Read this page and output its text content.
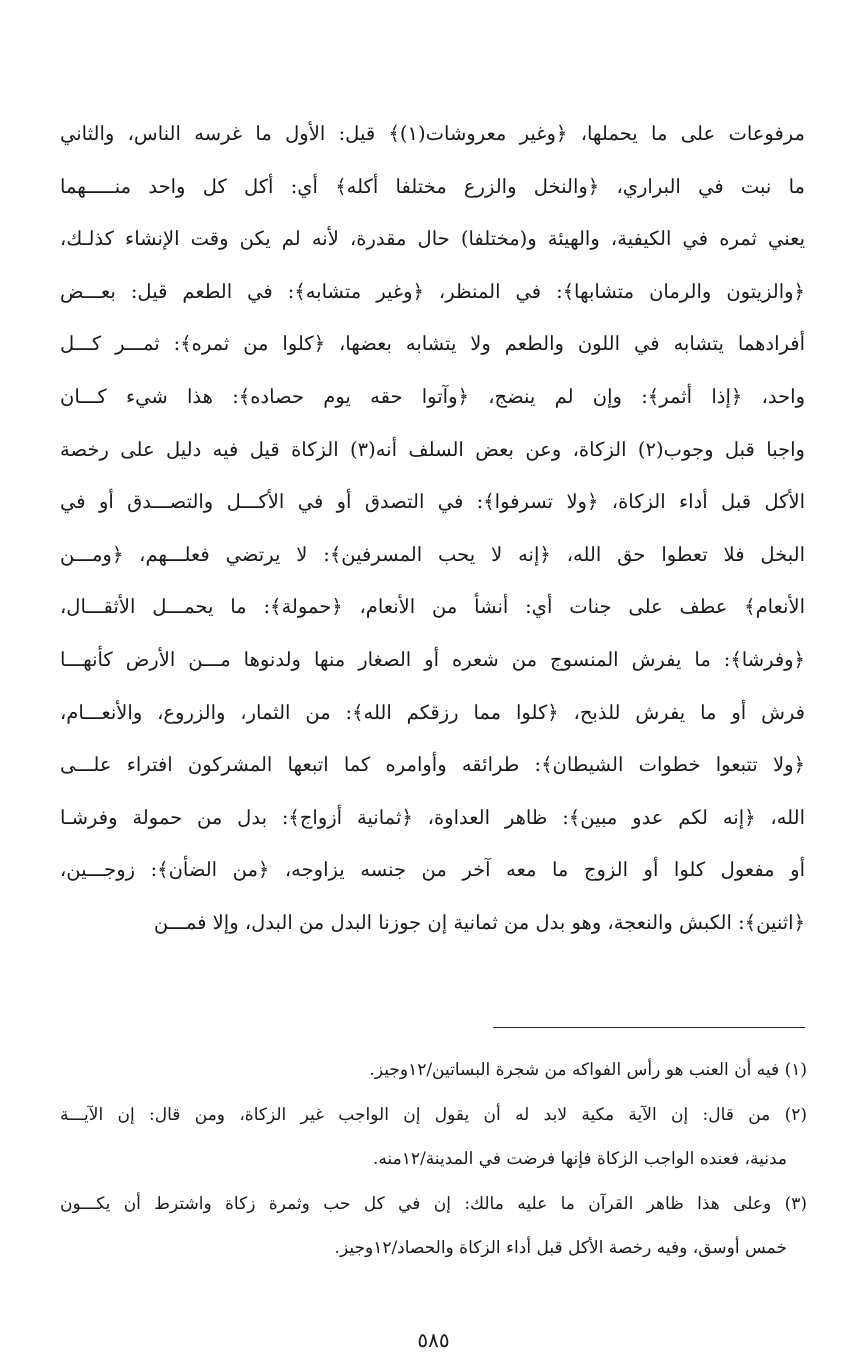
مرفوعات على ما يحملها، ﴿وغير معروشات(١)﴾ قيل: الأول ما غرسه الناس، والثاني
ما نبت في البراري، ﴿والنخل والزرع مختلفا أكله﴾ أي: أكل كل واحد منـــــهما
يعني ثمره في الكيفية، والهيئة و(مختلفا) حال مقدرة، لأنه لم يكن وقت الإنشاء كذلـك،
﴿والزيتون والرمان متشابها﴾: في المنظر، ﴿وغير متشابه﴾: في الطعم قيل: بعـــض
أفرادهما يتشابه في اللون والطعم ولا يتشابه بعضها، ﴿كلوا من ثمره﴾: ثمـــر كـــل
واحد، ﴿إذا أثمر﴾: وإن لم ينضج، ﴿وآتوا حقه يوم حصاده﴾: هذا شيء كـــان
واجبا قبل وجوب(٢) الزكاة، وعن بعض السلف أنه(٣) الزكاة قيل فيه دليل على رخصة
الأكل قبل أداء الزكاة، ﴿ولا تسرفوا﴾: في التصدق أو في الأكـــل والتصـــدق أو في
البخل فلا تعطوا حق الله، ﴿إنه لا يحب المسرفين﴾: لا يرتضي فعلـــهم، ﴿ومـــن
الأنعام﴾ عطف على جنات أي: أنشأ من الأنعام، ﴿حمولة﴾: ما يحمـــل الأثقـــال،
﴿وفرشا﴾: ما يفرش المنسوج من شعره أو الصغار منها ولدنوها مـــن الأرض كأنهـــا
فرش أو ما يفرش للذبح، ﴿كلوا مما رزقكم الله﴾: من الثمار، والزروع، والأنعـــام،
﴿ولا تتبعوا خطوات الشيطان﴾: طرائقه وأوامره كما اتبعها المشركون افتراء علـــى
الله، ﴿إنه لكم عدو مبين﴾: ظاهر العداوة، ﴿ثمانية أزواج﴾: بدل من حمولة وفرشـا
أو مفعول كلوا أو الزوج ما معه آخر من جنسه يزاوجه، ﴿من الضأن﴾: زوجـــين،
﴿اثنين﴾: الكبش والنعجة، وهو بدل من ثمانية إن جوزنا البدل من البدل، وإلا فمـــن
(١) فيه أن العنب هو رأس الفواكه من شجرة البساتين/١٢وجيز.
(٢) من قال: إن الآية مكية لابد له أن يقول إن الواجب غير الزكاة، ومن قال: إن الآيـــة
مدنية، فعنده الواجب الزكاة فإنها فرضت في المدينة/١٢منه.
(٣) وعلى هذا ظاهر القرآن ما عليه مالك: إن في كل حب وثمرة زكاة واشترط أن يكـــون
خمس أوسق، وفيه رخصة الأكل قبل أداء الزكاة والحصاد/١٢وجيز.
٥٨٥
